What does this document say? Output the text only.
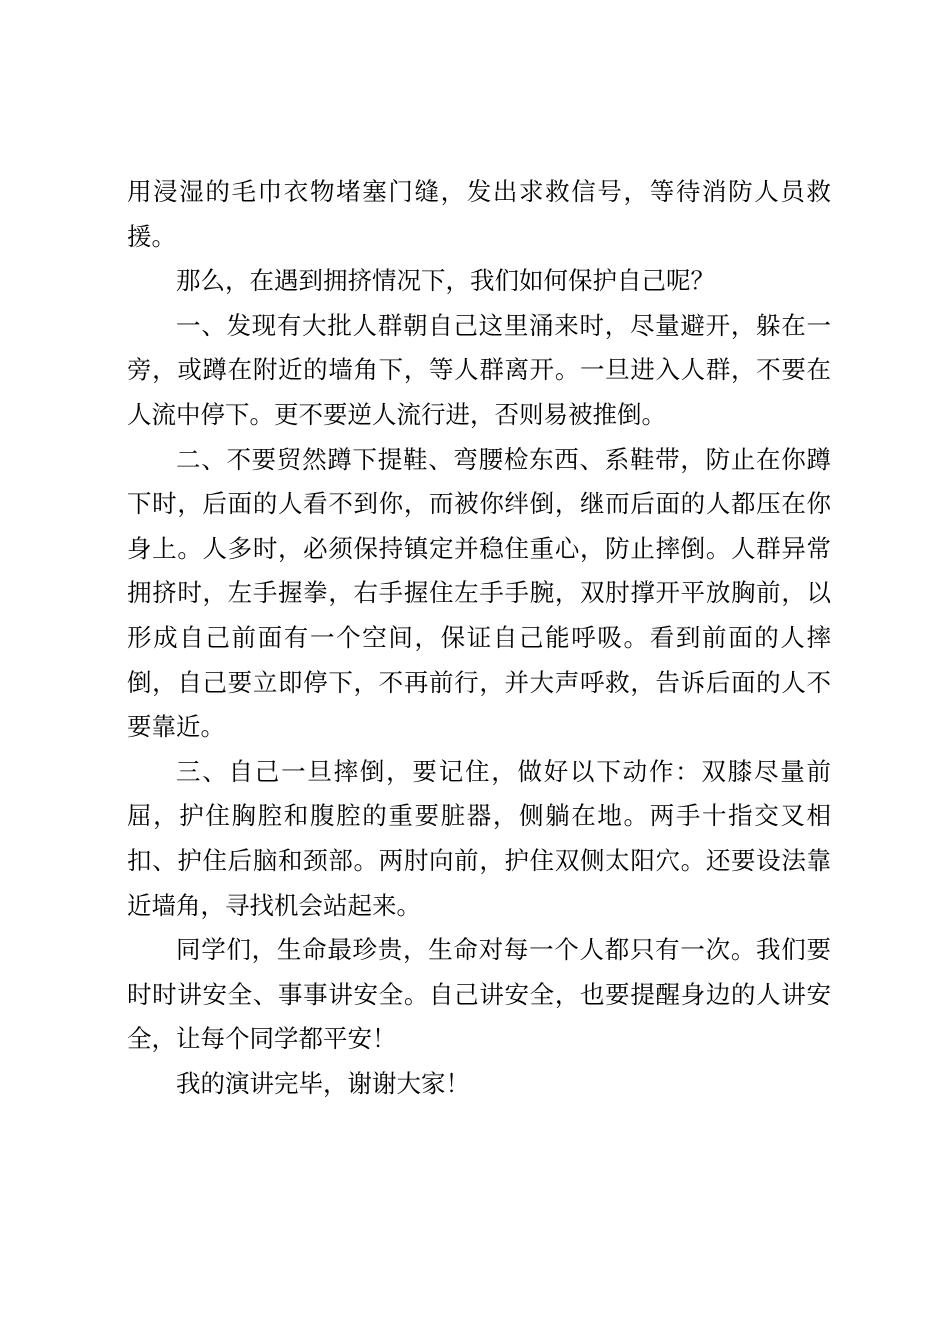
用浸湿的毛巾衣物堵塞门缝，发出求救信号，等待消防人员救援。

那么，在遇到拥挤情况下，我们如何保护自己呢？

一、发现有大批人群朝自己这里涌来时，尽量避开，躲在一旁，或蹲在附近的墙角下，等人群离开。一旦进入人群，不要在人流中停下。更不要逆人流行进，否则易被推倒。

二、不要贸然蹲下提鞋、弯腰检东西、系鞋带，防止在你蹲下时，后面的人看不到你，而被你绊倒，继而后面的人都压在你身上。人多时，必须保持镇定并稳住重心，防止摔倒。人群异常拥挤时，左手握拳，右手握住左手手腕，双肘撑开平放胸前，以形成自己前面有一个空间，保证自己能呼吸。看到前面的人摔倒，自己要立即停下，不再前行，并大声呼救，告诉后面的人不要靠近。

三、自己一旦摔倒，要记住，做好以下动作：双膝尽量前屈，护住胸腔和腹腔的重要脏器，侧躺在地。两手十指交叉相扣、护住后脑和颈部。两肘向前，护住双侧太阳穴。还要设法靠近墙角，寻找机会站起来。

同学们，生命最珍贵，生命对每一个人都只有一次。我们要时时讲安全、事事讲安全。自己讲安全，也要提醒身边的人讲安全，让每个同学都平安！

我的演讲完毕，谢谢大家！
